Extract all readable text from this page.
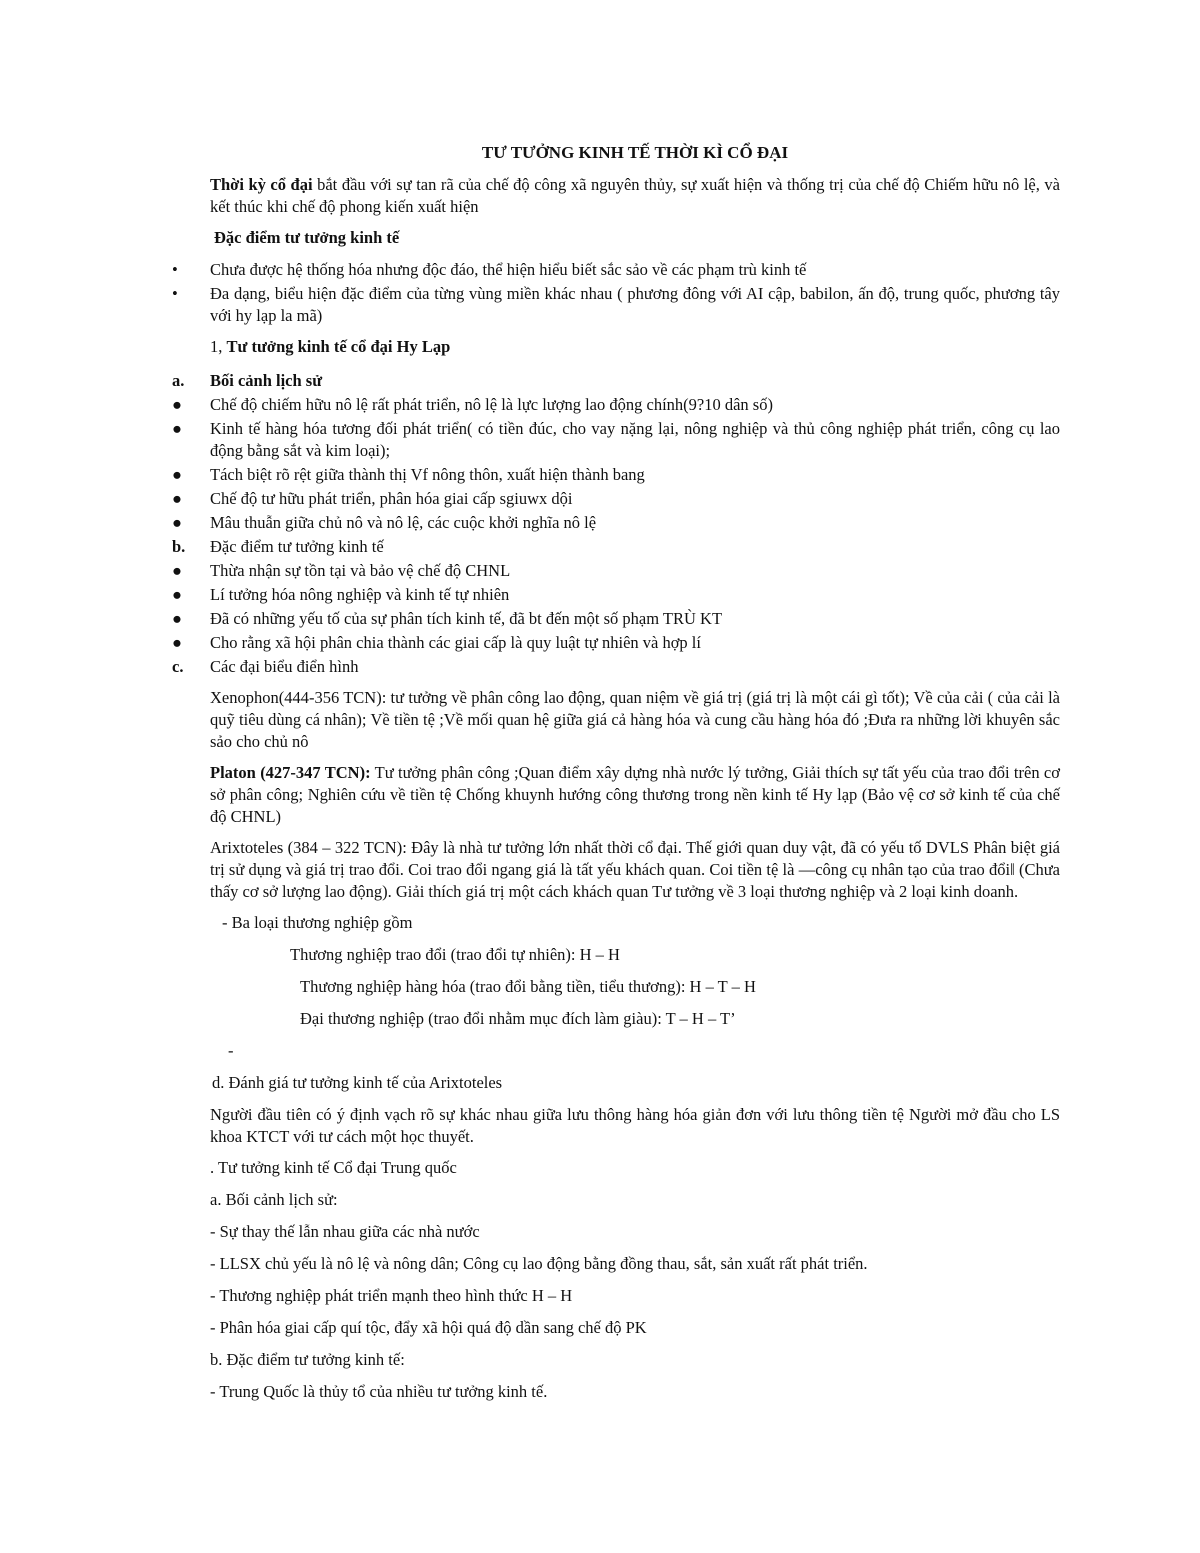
TƯ TƯỞNG KINH TẾ THỜI KÌ CỔ ĐẠI

Thời kỳ cổ đại bắt đầu với sự tan rã của chế độ công xã nguyên thủy, sự xuất hiện và thống trị của chế độ Chiếm hữu nô lệ, và kết thúc khi chế độ phong kiến xuất hiện

Đặc điểm tư tưởng kinh tế

•	Chưa được hệ thống hóa nhưng độc đáo, thể hiện hiểu biết sắc sảo về các phạm trù kinh tế
•	Đa dạng, biểu hiện đặc điểm của từng vùng miền khác nhau ( phương đông với AI cập, babilon, ấn độ, trung quốc, phương tây với hy lạp la mã)

1, Tư tưởng kinh tế cổ đại Hy Lạp

a.	Bối cảnh lịch sử
●	Chế độ chiếm hữu nô lệ rất phát triển, nô lệ là lực lượng lao động chính(9?10 dân số)
●	Kinh tế hàng hóa tương đối phát triển( có tiền đúc, cho vay nặng lại, nông nghiệp và thủ công nghiệp phát triển, công cụ lao động bằng sắt và kim loại);
●	Tách biệt rõ rệt giữa thành thị Vf nông thôn, xuất hiện thành bang
●	Chế độ tư hữu phát triển, phân hóa giai cấp sgiuwx dội
●	Mâu thuẫn giữa chủ nô và nô lệ, các cuộc khởi nghĩa nô lệ
b.	Đặc điểm tư tưởng kinh tế
●	Thừa nhận sự tồn tại và bảo vệ chế độ CHNL
●	Lí tưởng hóa nông nghiệp và kinh tế tự nhiên
●	Đã có những yếu tố của sự phân tích kinh tế, đã bt đến một số phạm TRÙ KT
●	Cho rằng xã hội phân chia thành các giai cấp là quy luật tự nhiên và hợp lí
c.	Các đại biểu điển hình

Xenophon(444-356 TCN): tư tưởng về phân công lao động, quan niệm về giá trị (giá trị là một cái gì tốt); Về của cải ( của cải là quỹ tiêu dùng cá nhân); Về tiền tệ ;Về mối quan hệ giữa giá cả hàng hóa và cung cầu hàng hóa đó ;Đưa ra những lời khuyên sắc sảo cho chủ nô

Platon (427-347 TCN): Tư tưởng phân công ;Quan điểm xây dựng nhà nước lý tưởng, Giải thích sự tất yếu của trao đổi trên cơ sở phân công; Nghiên cứu về tiền tệ Chống khuynh hướng công thương trong nền kinh tế Hy lạp (Bảo vệ cơ sở kinh tế của chế độ CHNL)

Arixtoteles (384 – 322 TCN): Đây là nhà tư tưởng lớn nhất thời cổ đại. Thế giới quan duy vật, đã có yếu tố DVLS Phân biệt giá trị sử dụng và giá trị trao đổi. Coi trao đổi ngang giá là tất yếu khách quan. Coi tiền tệ là ―công cụ nhân tạo của trao đổi‖ (Chưa thấy cơ sở lượng lao động). Giải thích giá trị một cách khách quan Tư tưởng về 3 loại thương nghiệp và 2 loại kinh doanh.

- Ba loại thương nghiệp gồm

Thương nghiệp trao đổi (trao đổi tự nhiên): H – H

Thương nghiệp hàng hóa (trao đổi bằng tiền, tiểu thương): H – T – H

Đại thương nghiệp (trao đổi nhằm mục đích làm giàu): T – H – T’

-

d. Đánh giá tư tưởng kinh tế của Arixtoteles

Người đầu tiên có ý định vạch rõ sự khác nhau giữa lưu thông hàng hóa giản đơn với lưu thông tiền tệ Người mở đầu cho LS khoa KTCT với tư cách một học thuyết.

. Tư tưởng kinh tế Cổ đại Trung quốc

a. Bối cảnh lịch sử:

- Sự thay thế lẫn nhau giữa các nhà nước

- LLSX chủ yếu là nô lệ và nông dân; Công cụ lao động bằng đồng thau, sắt, sản xuất rất phát triển.

- Thương nghiệp phát triển mạnh theo hình thức H – H

- Phân hóa giai cấp quí tộc, đẩy xã hội quá độ dần sang chế độ PK

b. Đặc điểm tư tưởng kinh tế:

- Trung Quốc là thủy tổ của nhiều tư tưởng kinh tế.
